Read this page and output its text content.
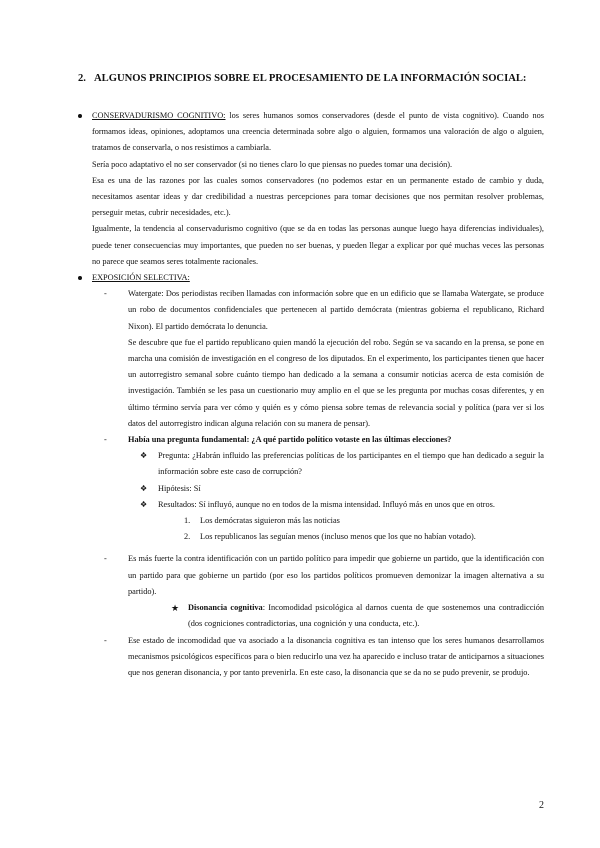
2. ALGUNOS PRINCIPIOS SOBRE EL PROCESAMIENTO DE LA INFORMACIÓN SOCIAL:

CONSERVADURISMO COGNITIVO: los seres humanos somos conservadores (desde el punto de vista cognitivo). Cuando nos formamos ideas, opiniones, adoptamos una creencia determinada sobre algo o alguien, formamos una valoración de algo o alguien, tratamos de conservarla, o nos resistimos a cambiarla.

Sería poco adaptativo el no ser conservador (si no tienes claro lo que piensas no puedes tomar una decisión).

Esa es una de las razones por las cuales somos conservadores (no podemos estar en un permanente estado de cambio y duda, necesitamos asentar ideas y dar credibilidad a nuestras percepciones para tomar decisiones que nos permitan resolver problemas, perseguir metas, cubrir necesidades, etc.).

Igualmente, la tendencia al conservadurismo cognitivo (que se da en todas las personas aunque luego haya diferencias individuales), puede tener consecuencias muy importantes, que pueden no ser buenas, y pueden llegar a explicar por qué muchas veces las personas no parece que seamos seres totalmente racionales.

EXPOSICIÓN SELECTIVA:

-	Watergate: Dos periodistas reciben llamadas con información sobre que en un edificio que se llamaba Watergate, se produce un robo de documentos confidenciales que pertenecen al partido demócrata (mientras gobierna el republicano, Richard Nixon). El partido demócrata lo denuncia.

Se descubre que fue el partido republicano quien mandó la ejecución del robo. Según se va sacando en la prensa, se pone en marcha una comisión de investigación en el congreso de los diputados. En el experimento, los participantes tienen que hacer un autorregistro semanal sobre cuánto tiempo han dedicado a la semana a consumir noticias acerca de esta comisión de investigación. También se les pasa un cuestionario muy amplio en el que se les pregunta por muchas cosas diferentes, y en último término servía para ver cómo y quién es y cómo piensa sobre temas de relevancia social y política (para ver si los datos del autorregistro indican alguna relación con su manera de pensar).

-	Había una pregunta fundamental: ¿A qué partido político votaste en las últimas elecciones?

❖ Pregunta: ¿Habrán influido las preferencias políticas de los participantes en el tiempo que han dedicado a seguir la información sobre este caso de corrupción?

❖ Hipótesis: Sí

❖ Resultados: Sí influyó, aunque no en todos de la misma intensidad. Influyó más en unos que en otros.

1. Los demócratas siguieron más las noticias

2. Los republicanos las seguían menos (incluso menos que los que no habían votado).

-	Es más fuerte la contra identificación con un partido político para impedir que gobierne un partido, que la identificación con un partido para que gobierne un partido (por eso los partidos políticos promueven demonizar la imagen alternativa a su partido).

★ Disonancia cognitiva: Incomodidad psicológica al darnos cuenta de que sostenemos una contradicción (dos cogniciones contradictorias, una cognición y una conducta, etc.).

-	Ese estado de incomodidad que va asociado a la disonancia cognitiva es tan intenso que los seres humanos desarrollamos mecanismos psicológicos específicos para o bien reducirlo una vez ha aparecido e incluso tratar de anticiparnos a situaciones que nos generan disonancia, y por tanto prevenirla. En este caso, la disonancia que se da no se pudo prevenir, se produjo.

2
